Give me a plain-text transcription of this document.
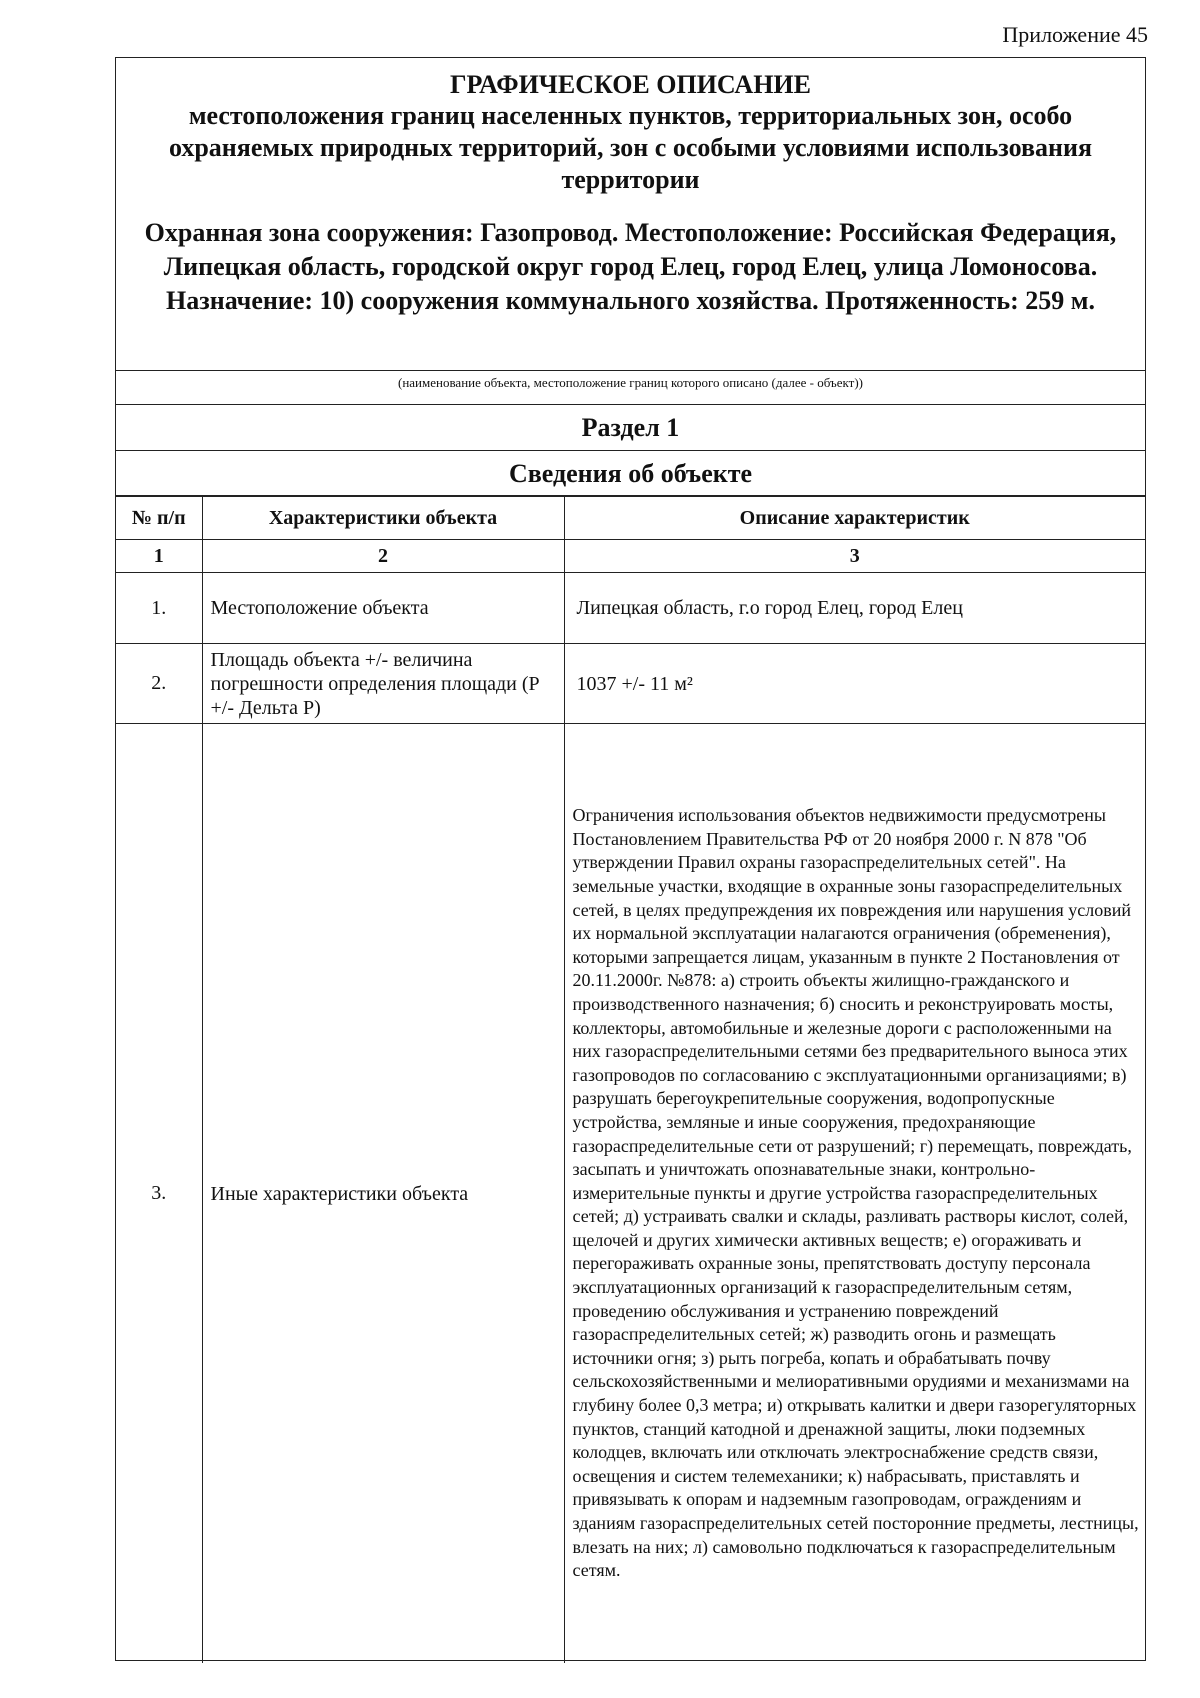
Приложение 45
ГРАФИЧЕСКОЕ ОПИСАНИЕ
местоположения границ населенных пунктов, территориальных зон, особо охраняемых природных территорий, зон с особыми условиями использования территории
Охранная зона сооружения: Газопровод. Местоположение: Российская Федерация, Липецкая область, городской округ город Елец, город Елец, улица Ломоносова. Назначение: 10) сооружения коммунального хозяйства. Протяженность: 259 м.
(наименование объекта, местоположение границ которого описано (далее - объект))
Раздел 1
Сведения об объекте
№ п/п	Характеристики объекта	Описание характеристик
1	2	3
1.	Местоположение объекта	Липецкая область, г.о город Елец, город Елец
2.	Площадь объекта +/- величина погрешности определения площади (Р +/- Дельта Р)	1037 +/- 11 м²
3.	Иные характеристики объекта	Ограничения использования объектов недвижимости предусмотрены Постановлением Правительства РФ от 20 ноября 2000 г. N 878 "Об утверждении Правил охраны газораспределительных сетей". На земельные участки, входящие в охранные зоны газораспределительных сетей, в целях предупреждения их повреждения или нарушения условий их нормальной эксплуатации налагаются ограничения (обременения), которыми запрещается лицам, указанным в пункте 2 Постановления от 20.11.2000г. №878: а) строить объекты жилищно-гражданского и производственного назначения; б) сносить и реконструировать мосты, коллекторы, автомобильные и железные дороги с расположенными на них газораспределительными сетями без предварительного выноса этих газопроводов по согласованию с эксплуатационными организациями; в) разрушать берегоукрепительные сооружения, водопропускные устройства, земляные и иные сооружения, предохраняющие газораспределительные сети от разрушений; г) перемещать, повреждать, засыпать и уничтожать опознавательные знаки, контрольно-измерительные пункты и другие устройства газораспределительных сетей; д) устраивать свалки и склады, разливать растворы кислот, солей, щелочей и других химически активных веществ; е) огораживать и перегораживать охранные зоны, препятствовать доступу персонала эксплуатационных организаций к газораспределительным сетям, проведению обслуживания и устранению повреждений газораспределительных сетей; ж) разводить огонь и размещать источники огня; з) рыть погреба, копать и обрабатывать почву сельскохозяйственными и мелиоративными орудиями и механизмами на глубину более 0,3 метра; и) открывать калитки и двери газорегуляторных пунктов, станций катодной и дренажной защиты, люки подземных колодцев, включать или отключать электроснабжение средств связи, освещения и систем телемеханики; к) набрасывать, приставлять и привязывать к опорам и надземным газопроводам, ограждениям и зданиям газораспределительных сетей посторонние предметы, лестницы, влезать на них; л) самовольно подключаться к газораспределительным сетям.
